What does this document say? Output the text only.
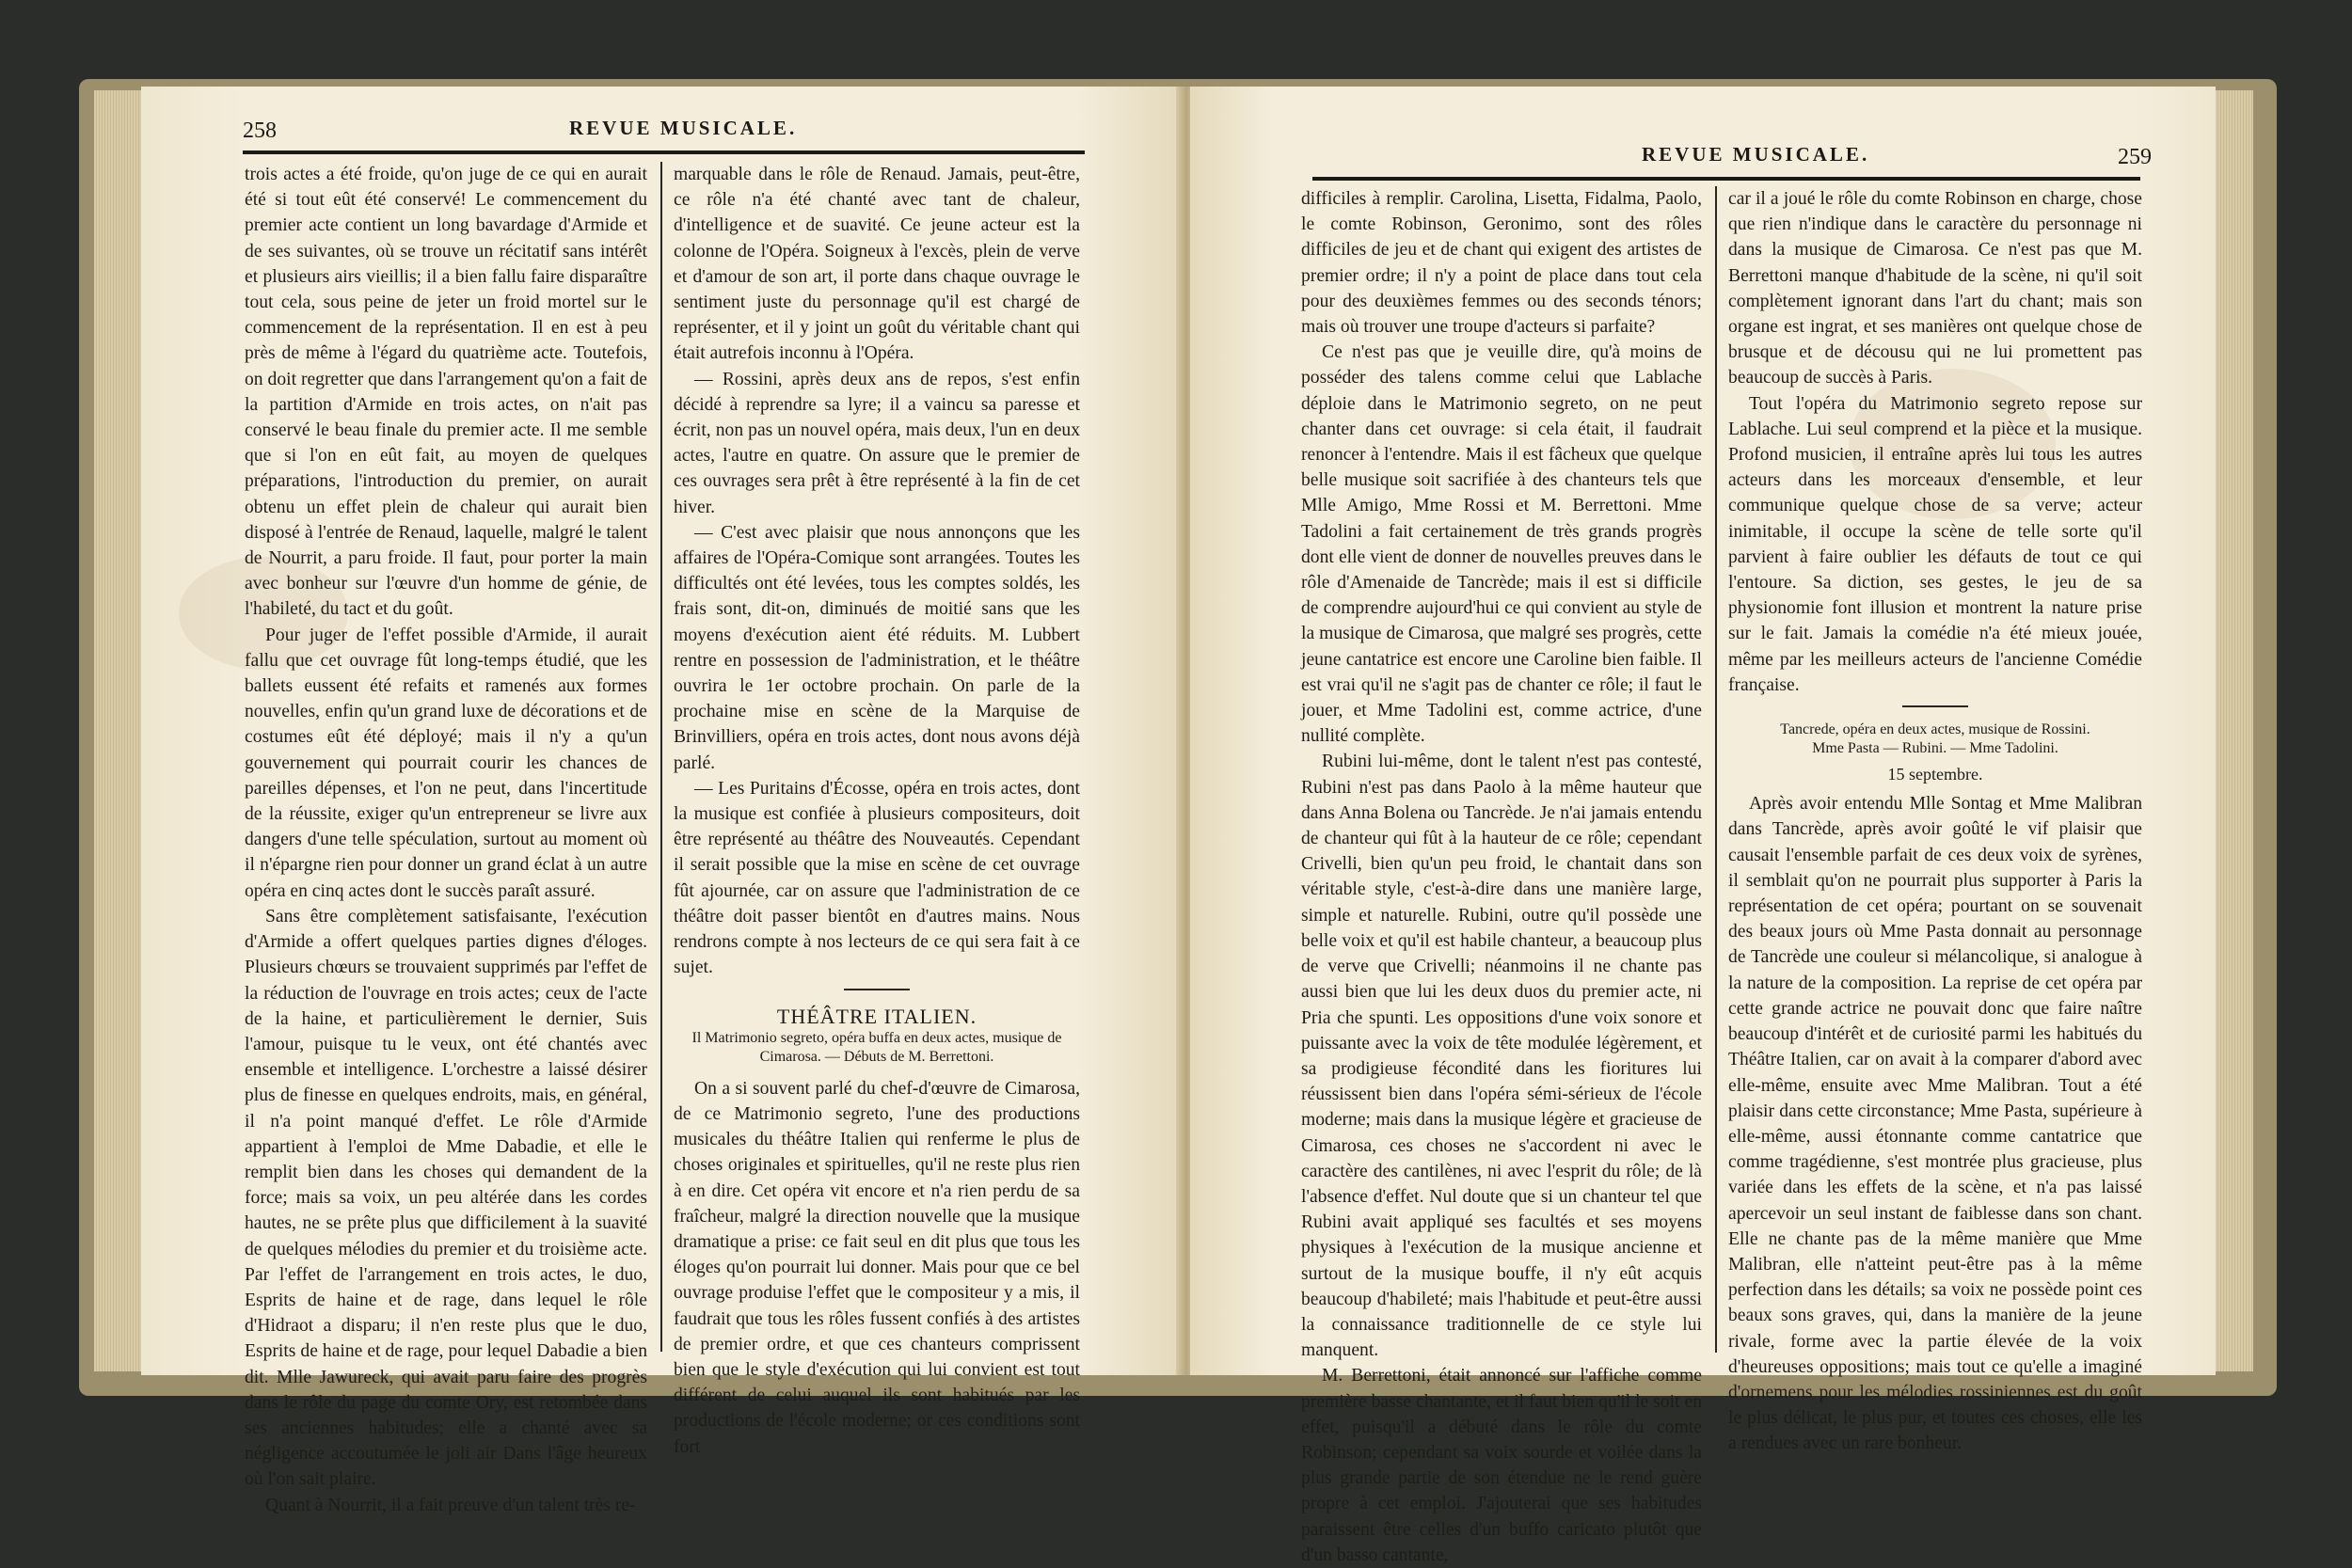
258	REVUE MUSICALE.

trois actes a été froide, qu'on juge de ce qui en aurait été si tout eût été conservé! Le commencement du premier acte contient un long bavardage d'Armide et de ses suivantes, où se trouve un récitatif sans intérêt et plusieurs airs vieillis; il a bien fallu faire disparaître tout cela, sous peine de jeter un froid mortel sur le commencement de la représentation. Il en est à peu près de même à l'égard du quatrième acte. Toutefois, on doit regretter que dans l'arrangement qu'on a fait de la partition d'Armide en trois actes, on n'ait pas conservé le beau finale du premier acte. Il me semble que si l'on en eût fait, au moyen de quelques préparations, l'introduction du premier, on aurait obtenu un effet plein de chaleur qui aurait bien disposé à l'entrée de Renaud, laquelle, malgré le talent de Nourrit, a paru froide. Il faut, pour porter la main avec bonheur sur l'œuvre d'un homme de génie, de l'habileté, du tact et du goût.

Pour juger de l'effet possible d'Armide, il aurait fallu que cet ouvrage fût long-temps étudié, que les ballets eussent été refaits et ramenés aux formes nouvelles, enfin qu'un grand luxe de décorations et de costumes eût été déployé; mais il n'y a qu'un gouvernement qui pourrait courir les chances de pareilles dépenses, et l'on ne peut, dans l'incertitude de la réussite, exiger qu'un entrepreneur se livre aux dangers d'une telle spéculation, surtout au moment où il n'épargne rien pour donner un grand éclat à un autre opéra en cinq actes dont le succès paraît assuré.

Sans être complètement satisfaisante, l'exécution d'Armide a offert quelques parties dignes d'éloges. Plusieurs chœurs se trouvaient supprimés par l'effet de la réduction de l'ouvrage en trois actes; ceux de l'acte de la haine, et particulièrement le dernier, Suis l'amour, puisque tu le veux, ont été chantés avec ensemble et intelligence. L'orchestre a laissé désirer plus de finesse en quelques endroits, mais, en général, il n'a point manqué d'effet. Le rôle d'Armide appartient à l'emploi de Mme Dabadie, et elle le remplit bien dans les choses qui demandent de la force; mais sa voix, un peu altérée dans les cordes hautes, ne se prête plus que difficilement à la suavité de quelques mélodies du premier et du troisième acte. Par l'effet de l'arrangement en trois actes, le duo, Esprits de haine et de rage, dans lequel le rôle d'Hidraot a disparu; il n'en reste plus que le duo, Esprits de haine et de rage, pour lequel Dabadie a bien dit. Mlle Jawureck, qui avait paru faire des progrès dans le rôle du page du comte Ory, est retombée dans ses anciennes habitudes; elle a chanté avec sa négligence accoutumée le joli air Dans l'âge heureux où l'on sait plaire.

Quant à Nourrit, il a fait preuve d'un talent très re-

marquable dans le rôle de Renaud. Jamais, peut-être, ce rôle n'a été chanté avec tant de chaleur, d'intelligence et de suavité. Ce jeune acteur est la colonne de l'Opéra. Soigneux à l'excès, plein de verve et d'amour de son art, il porte dans chaque ouvrage le sentiment juste du personnage qu'il est chargé de représenter, et il y joint un goût du véritable chant qui était autrefois inconnu à l'Opéra.

— Rossini, après deux ans de repos, s'est enfin décidé à reprendre sa lyre; il a vaincu sa paresse et écrit, non pas un nouvel opéra, mais deux, l'un en deux actes, l'autre en quatre. On assure que le premier de ces ouvrages sera prêt à être représenté à la fin de cet hiver.

— C'est avec plaisir que nous annonçons que les affaires de l'Opéra-Comique sont arrangées. Toutes les difficultés ont été levées, tous les comptes soldés, les frais sont, dit-on, diminués de moitié sans que les moyens d'exécution aient été réduits. M. Lubbert rentre en possession de l'administration, et le théâtre ouvrira le 1er octobre prochain. On parle de la prochaine mise en scène de la Marquise de Brinvilliers, opéra en trois actes, dont nous avons déjà parlé.

— Les Puritains d'Écosse, opéra en trois actes, dont la musique est confiée à plusieurs compositeurs, doit être représenté au théâtre des Nouveautés. Cependant il serait possible que la mise en scène de cet ouvrage fût ajournée, car on assure que l'administration de ce théâtre doit passer bientôt en d'autres mains. Nous rendrons compte à nos lecteurs de ce qui sera fait à ce sujet.

THÉÂTRE ITALIEN.

Il Matrimonio segreto, opéra buffa en deux actes, musique de Cimarosa. — Débuts de M. Berrettoni.

On a si souvent parlé du chef-d'œuvre de Cimarosa, de ce Matrimonio segreto, l'une des productions musicales du théâtre Italien qui renferme le plus de choses originales et spirituelles, qu'il ne reste plus rien à en dire. Cet opéra vit encore et n'a rien perdu de sa fraîcheur, malgré la direction nouvelle que la musique dramatique a prise: ce fait seul en dit plus que tous les éloges qu'on pourrait lui donner. Mais pour que ce bel ouvrage produise l'effet que le compositeur y a mis, il faudrait que tous les rôles fussent confiés à des artistes de premier ordre, et que ces chanteurs comprissent bien que le style d'exécution qui lui convient est tout différent de celui auquel ils sont habitués par les productions de l'école moderne; or ces conditions sont fort

REVUE MUSICALE.	259

difficiles à remplir. Carolina, Lisetta, Fidalma, Paolo, le comte Robinson, Geronimo, sont des rôles difficiles de jeu et de chant qui exigent des artistes de premier ordre; il n'y a point de place dans tout cela pour des deuxièmes femmes ou des seconds ténors; mais où trouver une troupe d'acteurs si parfaite?

Ce n'est pas que je veuille dire, qu'à moins de posséder des talens comme celui que Lablache déploie dans le Matrimonio segreto, on ne peut chanter dans cet ouvrage: si cela était, il faudrait renoncer à l'entendre. Mais il est fâcheux que quelque belle musique soit sacrifiée à des chanteurs tels que Mlle Amigo, Mme Rossi et M. Berrettoni. Mme Tadolini a fait certainement de très grands progrès dont elle vient de donner de nouvelles preuves dans le rôle d'Amenaide de Tancrède; mais il est si difficile de comprendre aujourd'hui ce qui convient au style de la musique de Cimarosa, que malgré ses progrès, cette jeune cantatrice est encore une Caroline bien faible. Il est vrai qu'il ne s'agit pas de chanter ce rôle; il faut le jouer, et Mme Tadolini est, comme actrice, d'une nullité complète.

Rubini lui-même, dont le talent n'est pas contesté, Rubini n'est pas dans Paolo à la même hauteur que dans Anna Bolena ou Tancrède. Je n'ai jamais entendu de chanteur qui fût à la hauteur de ce rôle; cependant Crivelli, bien qu'un peu froid, le chantait dans son véritable style, c'est-à-dire dans une manière large, simple et naturelle. Rubini, outre qu'il possède une belle voix et qu'il est habile chanteur, a beaucoup plus de verve que Crivelli; néanmoins il ne chante pas aussi bien que lui les deux duos du premier acte, ni Pria che spunti. Les oppositions d'une voix sonore et puissante avec la voix de tête modulée légèrement, et sa prodigieuse fécondité dans les fioritures lui réussissent bien dans l'opéra sémi-sérieux de l'école moderne; mais dans la musique légère et gracieuse de Cimarosa, ces choses ne s'accordent ni avec le caractère des cantilènes, ni avec l'esprit du rôle; de là l'absence d'effet. Nul doute que si un chanteur tel que Rubini avait appliqué ses facultés et ses moyens physiques à l'exécution de la musique ancienne et surtout de la musique bouffe, il n'y eût acquis beaucoup d'habileté; mais l'habitude et peut-être aussi la connaissance traditionnelle de ce style lui manquent.

M. Berrettoni, était annoncé sur l'affiche comme première basse chantante, et il faut bien qu'il le soit en effet, puisqu'il a débuté dans le rôle du comte Robinson; cependant sa voix sourde et voilée dans la plus grande partie de son étendue ne le rend guère propre à cet emploi. J'ajouterai que ses habitudes paraissent être celles d'un buffo caricato plutôt que d'un basso cantante,

car il a joué le rôle du comte Robinson en charge, chose que rien n'indique dans le caractère du personnage ni dans la musique de Cimarosa. Ce n'est pas que M. Berrettoni manque d'habitude de la scène, ni qu'il soit complètement ignorant dans l'art du chant; mais son organe est ingrat, et ses manières ont quelque chose de brusque et de décousu qui ne lui promettent pas beaucoup de succès à Paris.

Tout l'opéra du Matrimonio segreto repose sur Lablache. Lui seul comprend et la pièce et la musique. Profond musicien, il entraîne après lui tous les autres acteurs dans les morceaux d'ensemble, et leur communique quelque chose de sa verve; acteur inimitable, il occupe la scène de telle sorte qu'il parvient à faire oublier les défauts de tout ce qui l'entoure. Sa diction, ses gestes, le jeu de sa physionomie font illusion et montrent la nature prise sur le fait. Jamais la comédie n'a été mieux jouée, même par les meilleurs acteurs de l'ancienne Comédie française.

Tancrede, opéra en deux actes, musique de Rossini.

Mme Pasta — Rubini. — Mme Tadolini.

15 septembre.

Après avoir entendu Mlle Sontag et Mme Malibran dans Tancrède, après avoir goûté le vif plaisir que causait l'ensemble parfait de ces deux voix de syrènes, il semblait qu'on ne pourrait plus supporter à Paris la représentation de cet opéra; pourtant on se souvenait des beaux jours où Mme Pasta donnait au personnage de Tancrède une couleur si mélancolique, si analogue à la nature de la composition. La reprise de cet opéra par cette grande actrice ne pouvait donc que faire naître beaucoup d'intérêt et de curiosité parmi les habitués du Théâtre Italien, car on avait à la comparer d'abord avec elle-même, ensuite avec Mme Malibran. Tout a été plaisir dans cette circonstance; Mme Pasta, supérieure à elle-même, aussi étonnante comme cantatrice que comme tragédienne, s'est montrée plus gracieuse, plus variée dans les effets de la scène, et n'a pas laissé apercevoir un seul instant de faiblesse dans son chant. Elle ne chante pas de la même manière que Mme Malibran, elle n'atteint peut-être pas à la même perfection dans les détails; sa voix ne possède point ces beaux sons graves, qui, dans la manière de la jeune rivale, forme avec la partie élevée de la voix d'heureuses oppositions; mais tout ce qu'elle a imaginé d'ornemens pour les mélodies rossiniennes est du goût le plus délicat, le plus pur, et toutes ces choses, elle les a rendues avec un rare bonheur.
